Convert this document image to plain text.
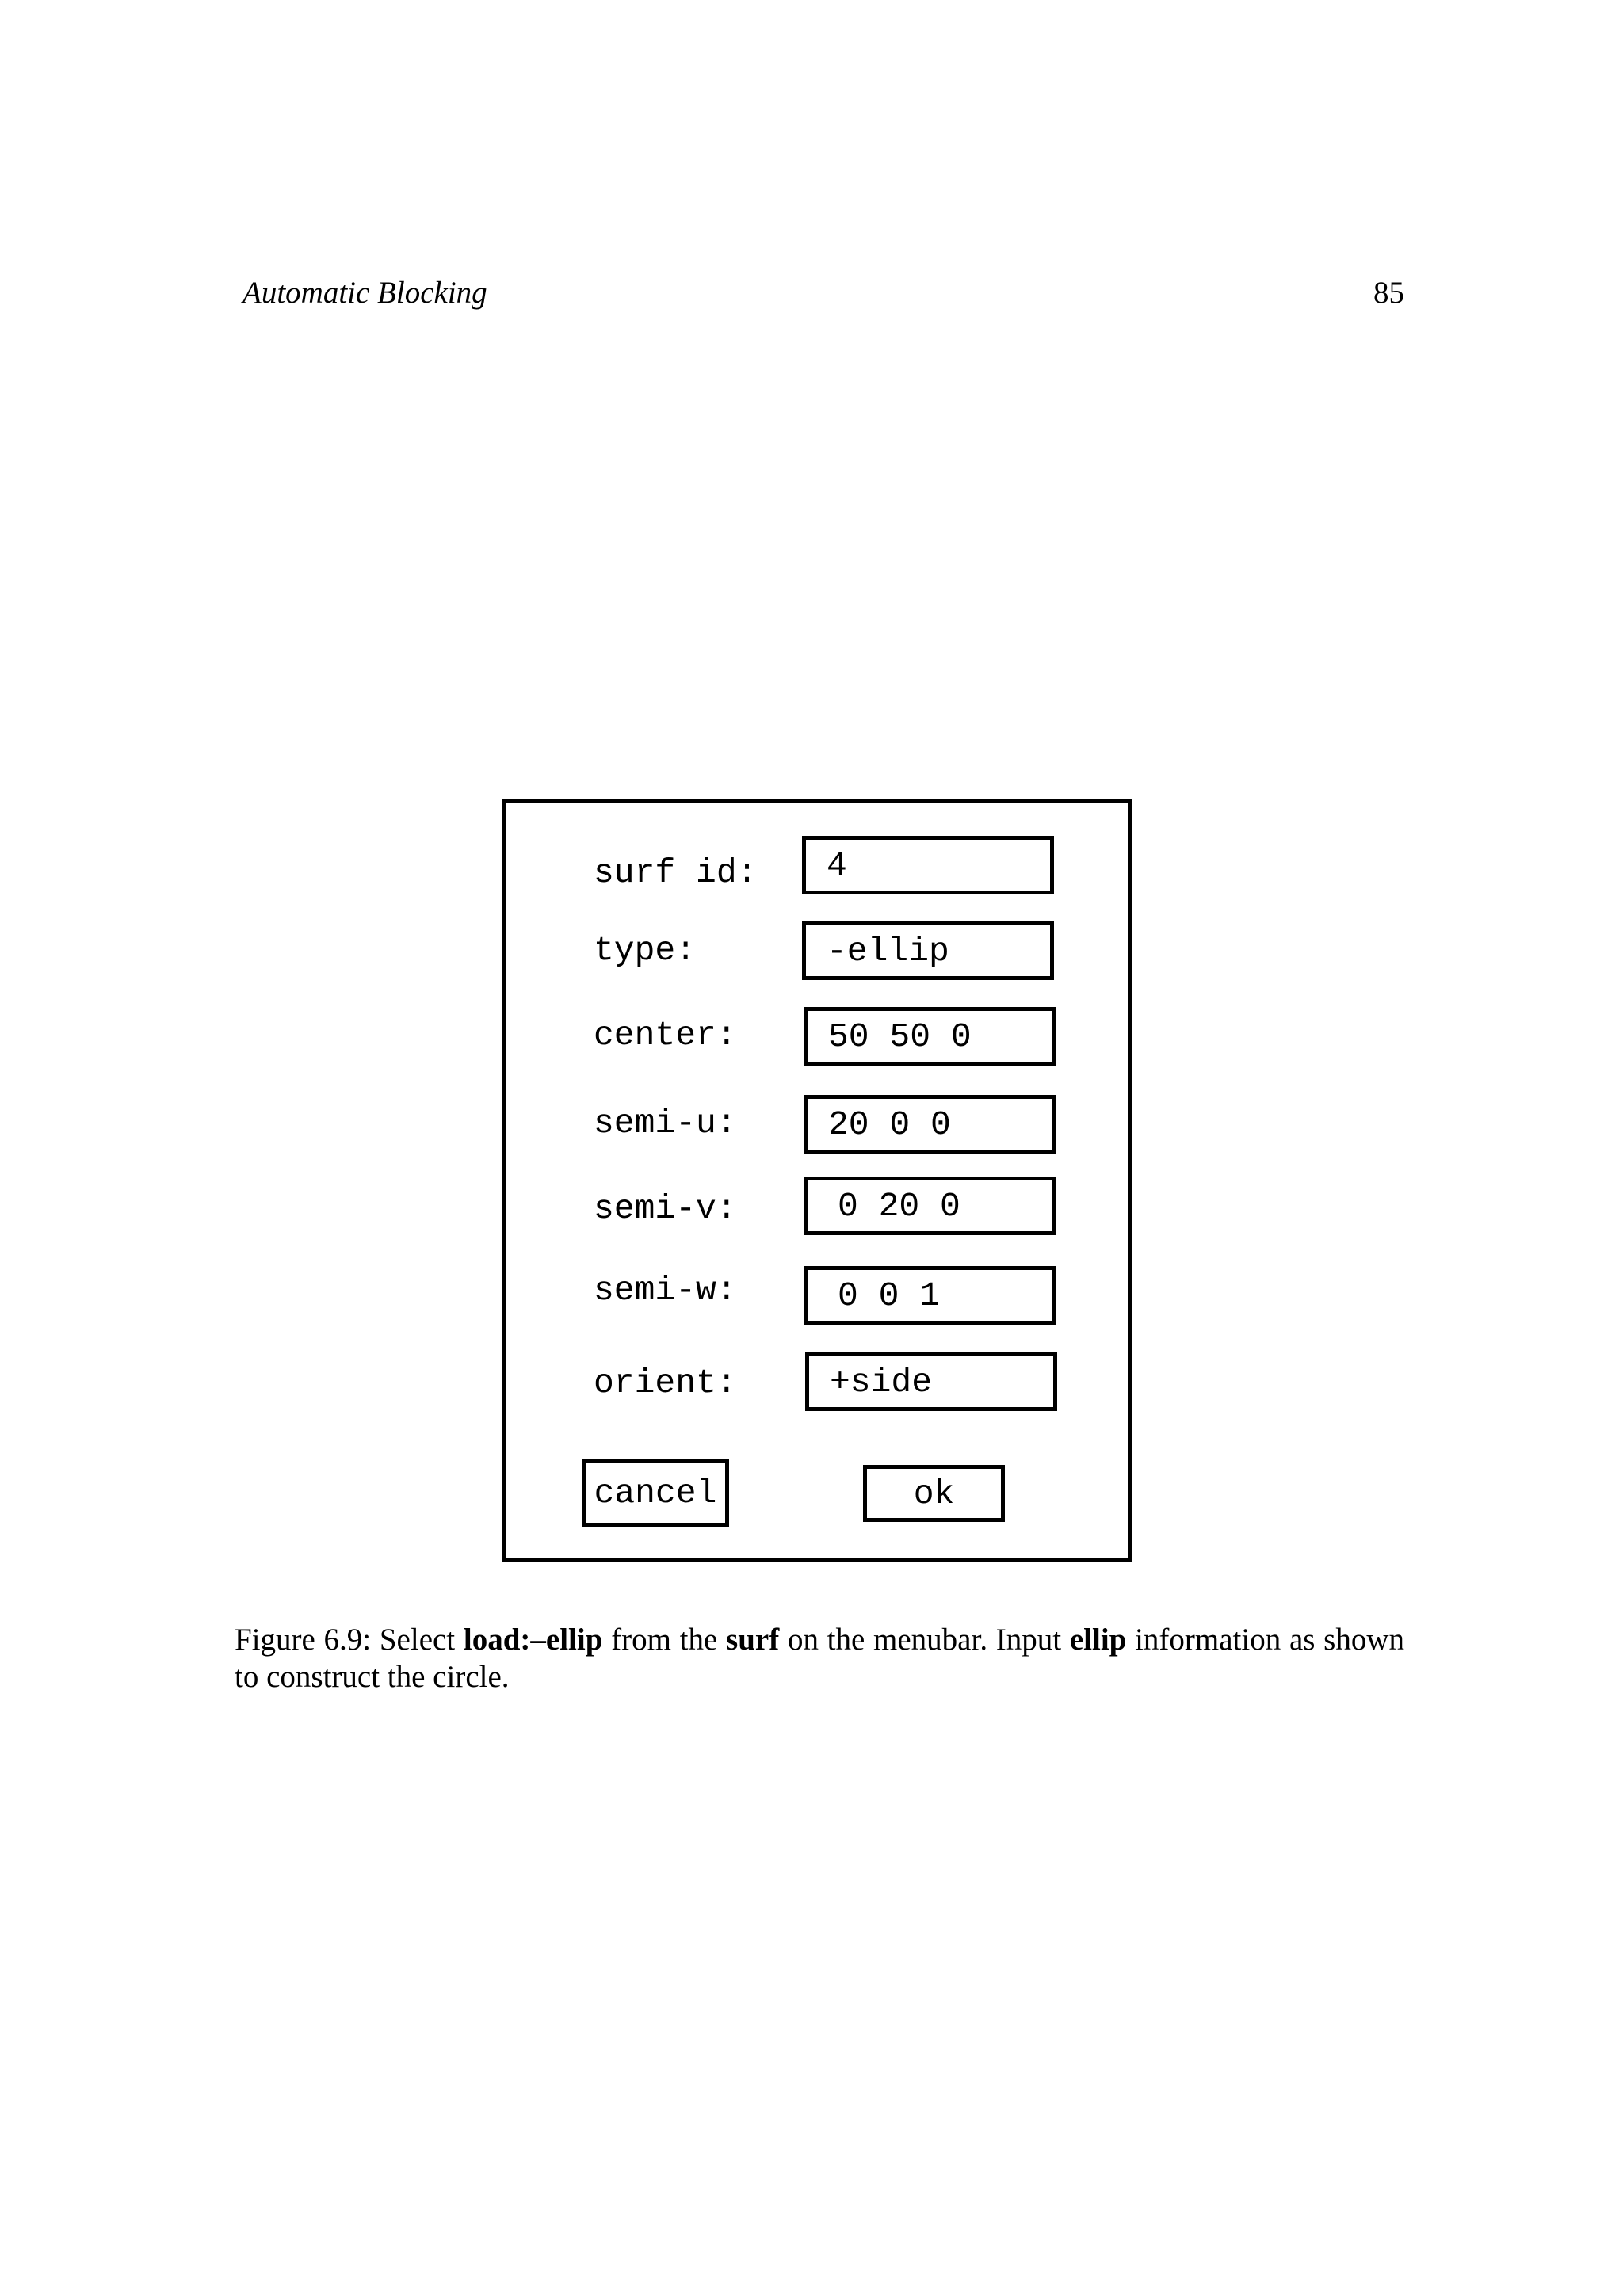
Automatic Blocking	85
surf id:	4
type:	-ellip
center:	50 50 0
semi-u:	20 0 0
semi-v:	0 20 0
semi-w:	0 0 1
orient:	+side
cancel	ok
Figure 6.9: Select load:–ellip from the surf on the menubar. Input ellip information as shown to construct the circle.
